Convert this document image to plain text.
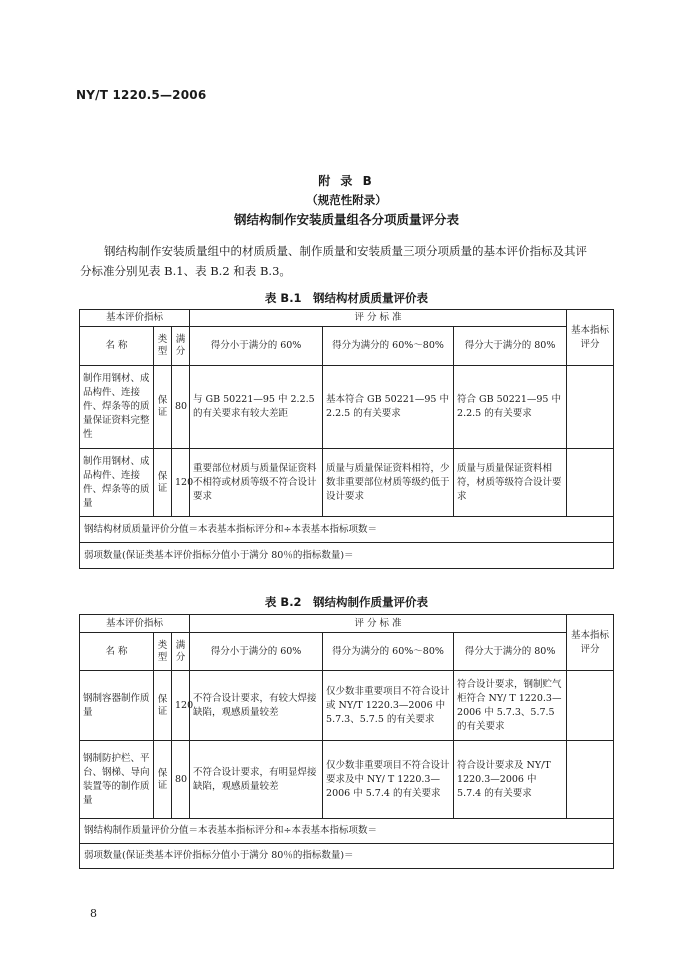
NY/T 1220.5—2006
附 录 B
（规范性附录）
钢结构制作安装质量组各分项质量评分表
钢结构制作安装质量组中的材质质量、制作质量和安装质量三项分项质量的基本评价指标及其评
分标准分别见表 B.1、表 B.2 和表 B.3。
表 B.1　钢结构材质质量评价表
基本评价指标			评 分 标 准			基本指标评分
名 称	类型	满分	得分小于满分的 60%	得分为满分的 60%～80%	得分大于满分的 80%	
制作用钢材、成品构件、连接件、焊条等的质量保证资料完整性	保证	80	与 GB 50221—95 中 2.2.5 的有关要求有较大差距	基本符合 GB 50221—95 中 2.2.5 的有关要求	符合 GB 50221—95 中 2.2.5 的有关要求	
制作用钢材、成品构件、连接件、焊条等的质量	保证	120	重要部位材质与质量保证资料不相符或材质等级不符合设计要求	质量与质量保证资料相符，少数非重要部位材质等级约低于设计要求	质量与质量保证资料相符，材质等级符合设计要求	
钢结构材质质量评价分值＝本表基本指标评分和÷本表基本指标项数＝						
弱项数量(保证类基本评价指标分值小于满分 80％的指标数量)＝						
表 B.2　钢结构制作质量评价表
基本评价指标			评 分 标 准			基本指标评分
名 称	类型	满分	得分小于满分的 60%	得分为满分的 60%～80%	得分大于满分的 80%	
钢制容器制作质量	保证	120	不符合设计要求，有较大焊接缺陷，观感质量较差	仅少数非重要项目不符合设计或 NY/T 1220.3—2006 中 5.7.3、5.7.5 的有关要求	符合设计要求，钢制贮气柜符合 NY/ T 1220.3—2006 中 5.7.3、5.7.5 的有关要求	
钢制防护栏、平台、钢梯、导向装置等的制作质量	保证	80	不符合设计要求，有明显焊接缺陷，观感质量较差	仅少数非重要项目不符合设计要求及中 NY/ T 1220.3—2006 中 5.7.4 的有关要求	符合设计要求及 NY/T 1220.3—2006 中 5.7.4 的有关要求	
钢结构制作质量评价分值＝本表基本指标评分和÷本表基本指标项数＝						
弱项数量(保证类基本评价指标分值小于满分 80％的指标数量)＝						
8
